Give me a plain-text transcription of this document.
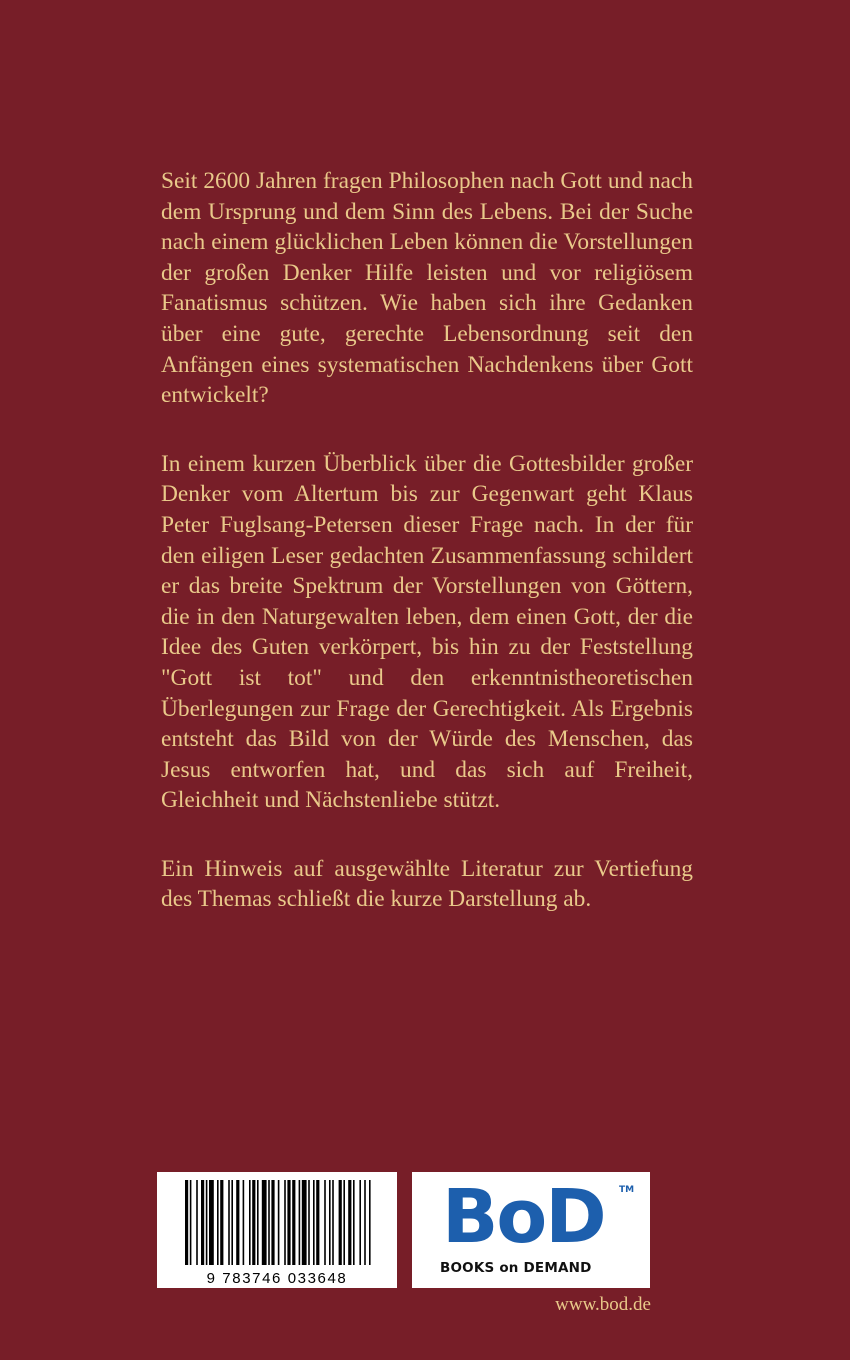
Seit 2600 Jahren fragen Philosophen nach Gott und nach dem Ursprung und dem Sinn des Lebens. Bei der Suche nach einem glücklichen Leben können die Vorstellungen der großen Denker Hilfe leisten und vor religiösem Fanatismus schützen. Wie haben sich ihre Gedanken über eine gute, gerechte Lebensordnung seit den Anfängen eines systematischen Nachdenkens über Gott entwickelt?

In einem kurzen Überblick über die Gottesbilder großer Denker vom Altertum bis zur Gegenwart geht Klaus Peter Fuglsang-Petersen dieser Frage nach. In der für den eiligen Leser gedachten Zusammenfassung schildert er das breite Spektrum der Vorstellungen von Göttern, die in den Naturgewalten leben, dem einen Gott, der die Idee des Guten verkörpert, bis hin zu der Feststellung "Gott ist tot" und den erkenntnistheoretischen Überlegungen zur Frage der Gerechtigkeit. Als Ergebnis entsteht das Bild von der Würde des Menschen, das Jesus entworfen hat, und das sich auf Freiheit, Gleichheit und Nächstenliebe stützt.

Ein Hinweis auf ausgewählte Literatur zur Vertiefung des Themas schließt die kurze Darstellung ab.

9 783746 033648
BoD TM
BOOKS on DEMAND
www.bod.de
